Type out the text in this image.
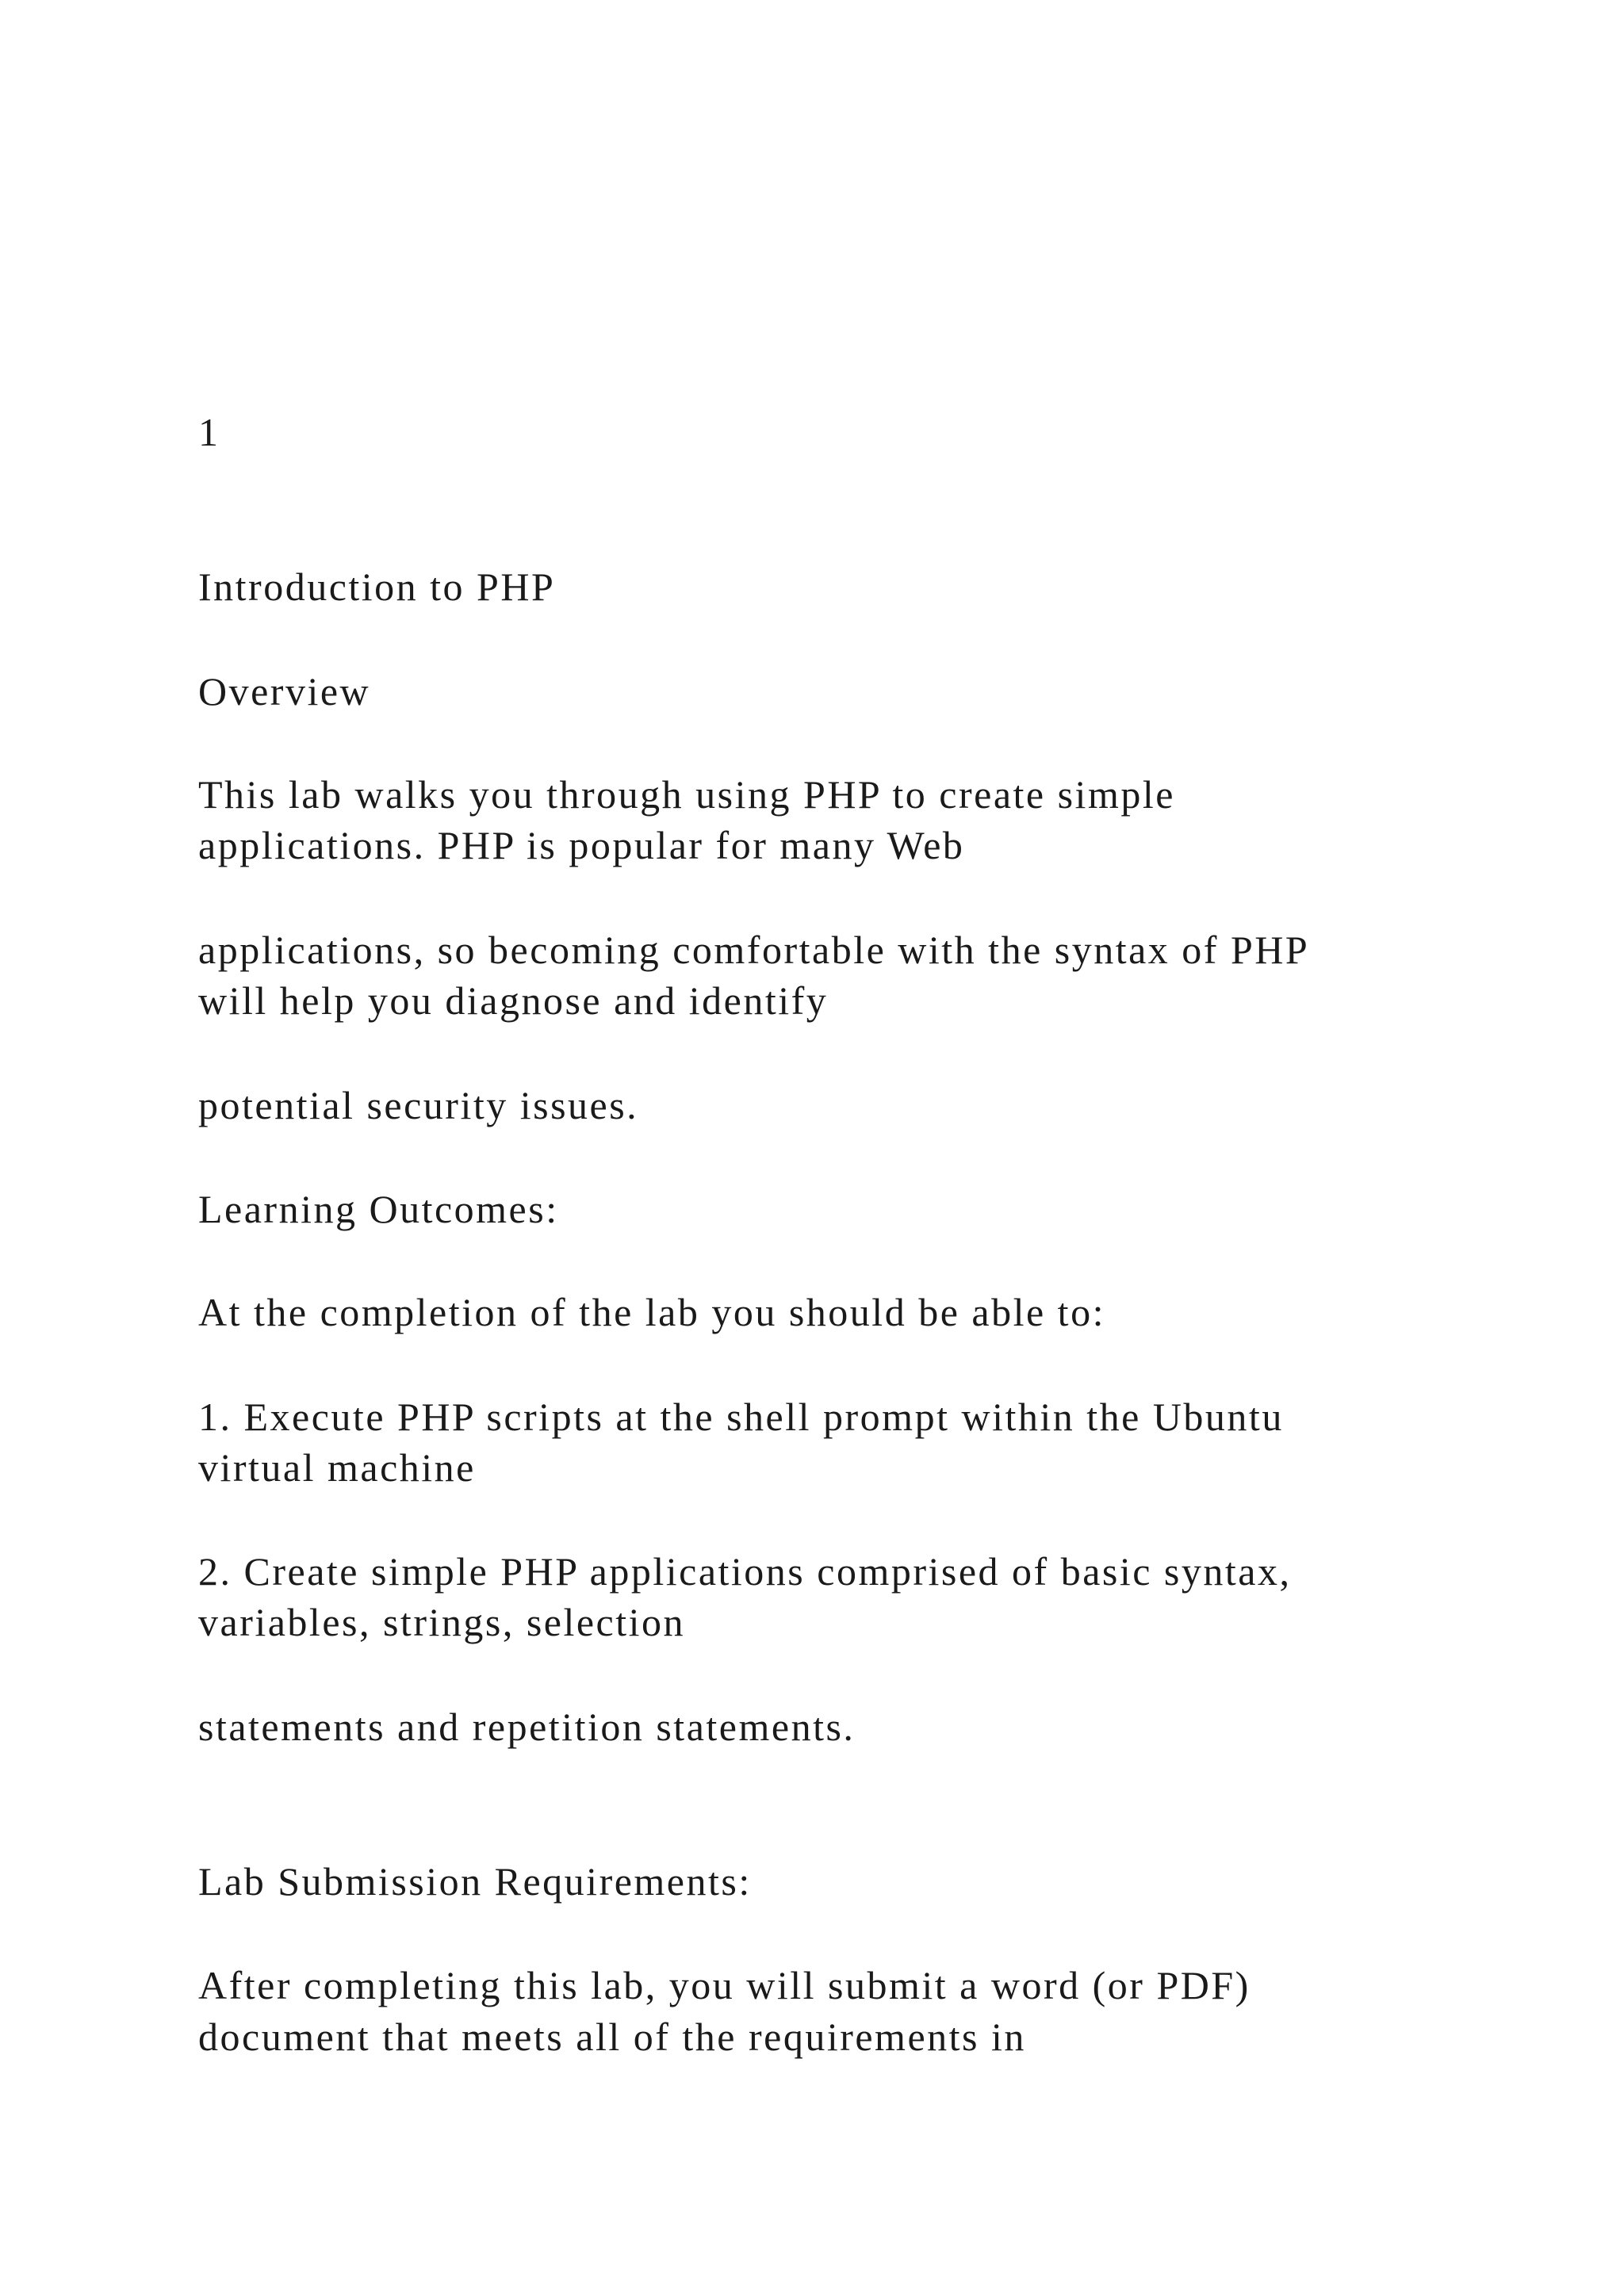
1

Introduction to PHP

Overview

This lab walks you through using PHP to create simple

applications. PHP is popular for many Web

applications, so becoming comfortable with the syntax of PHP

will help you diagnose and identify

potential security issues.

Learning Outcomes:

At the completion of the lab you should be able to:

1. Execute PHP scripts at the shell prompt within the Ubuntu

virtual machine

2. Create simple PHP applications comprised of basic syntax,

variables, strings, selection

statements and repetition statements.

Lab Submission Requirements:

After completing this lab, you will submit a word (or PDF)

document that meets all of the requirements in
